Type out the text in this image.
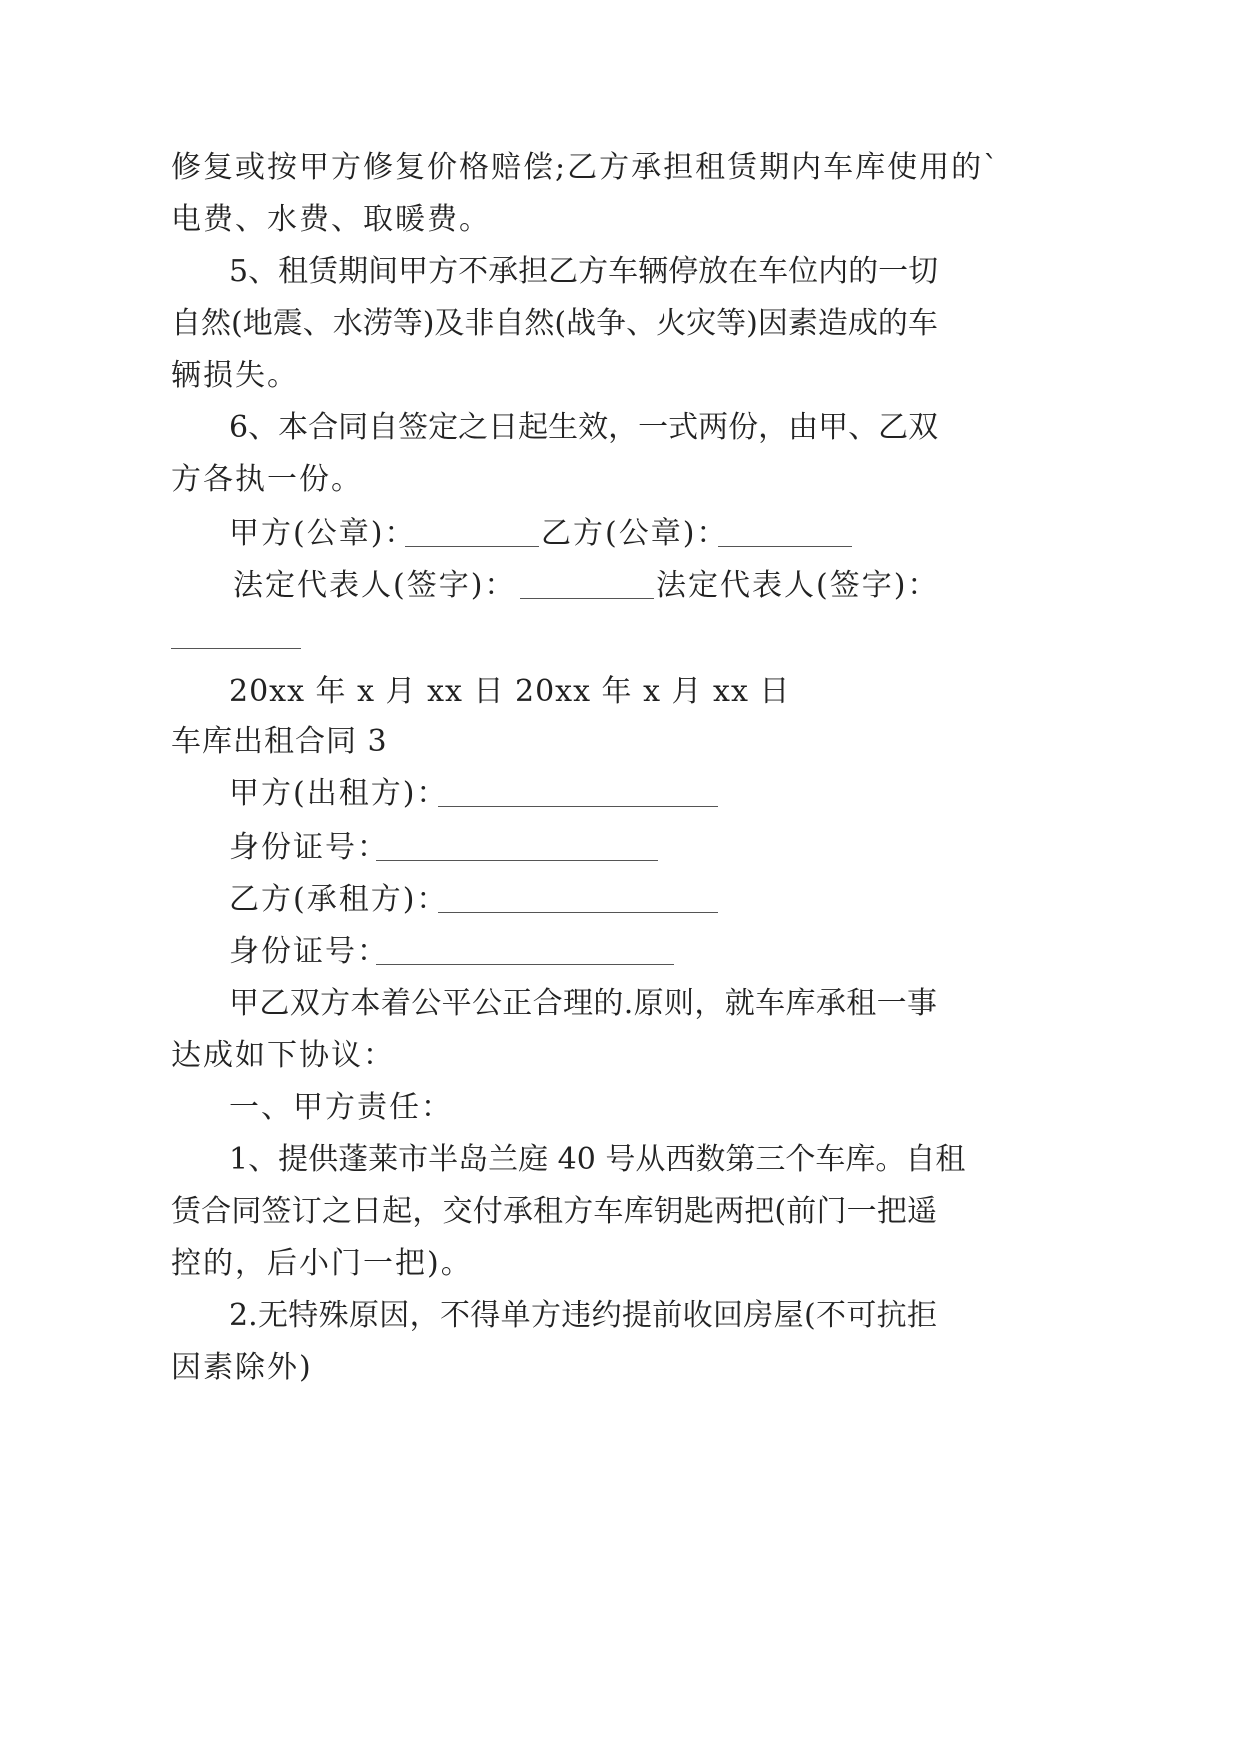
修复或按甲方修复价格赔偿;乙方承担租赁期内车库使用的`
电费、水费、取暖费。
5、租赁期间甲方不承担乙方车辆停放在车位内的一切
自然(地震、水涝等)及非自然(战争、火灾等)因素造成的车
辆损失。
6、本合同自签定之日起生效，一式两份，由甲、乙双
方各执一份。
甲方(公章)：	乙方(公章)：
法定代表人(签字)：	法定代表人(签字)：
20xx 年 x 月 xx 日 20xx 年 x 月 xx 日
车库出租合同 3
甲方(出租方)：
身份证号：
乙方(承租方)：
身份证号：
甲乙双方本着公平公正合理的.原则，就车库承租一事
达成如下协议：
一、甲方责任：
1、提供蓬莱市半岛兰庭 40 号从西数第三个车库。自租
赁合同签订之日起，交付承租方车库钥匙两把(前门一把遥
控的，后小门一把)。
2.无特殊原因，不得单方违约提前收回房屋(不可抗拒
因素除外)
